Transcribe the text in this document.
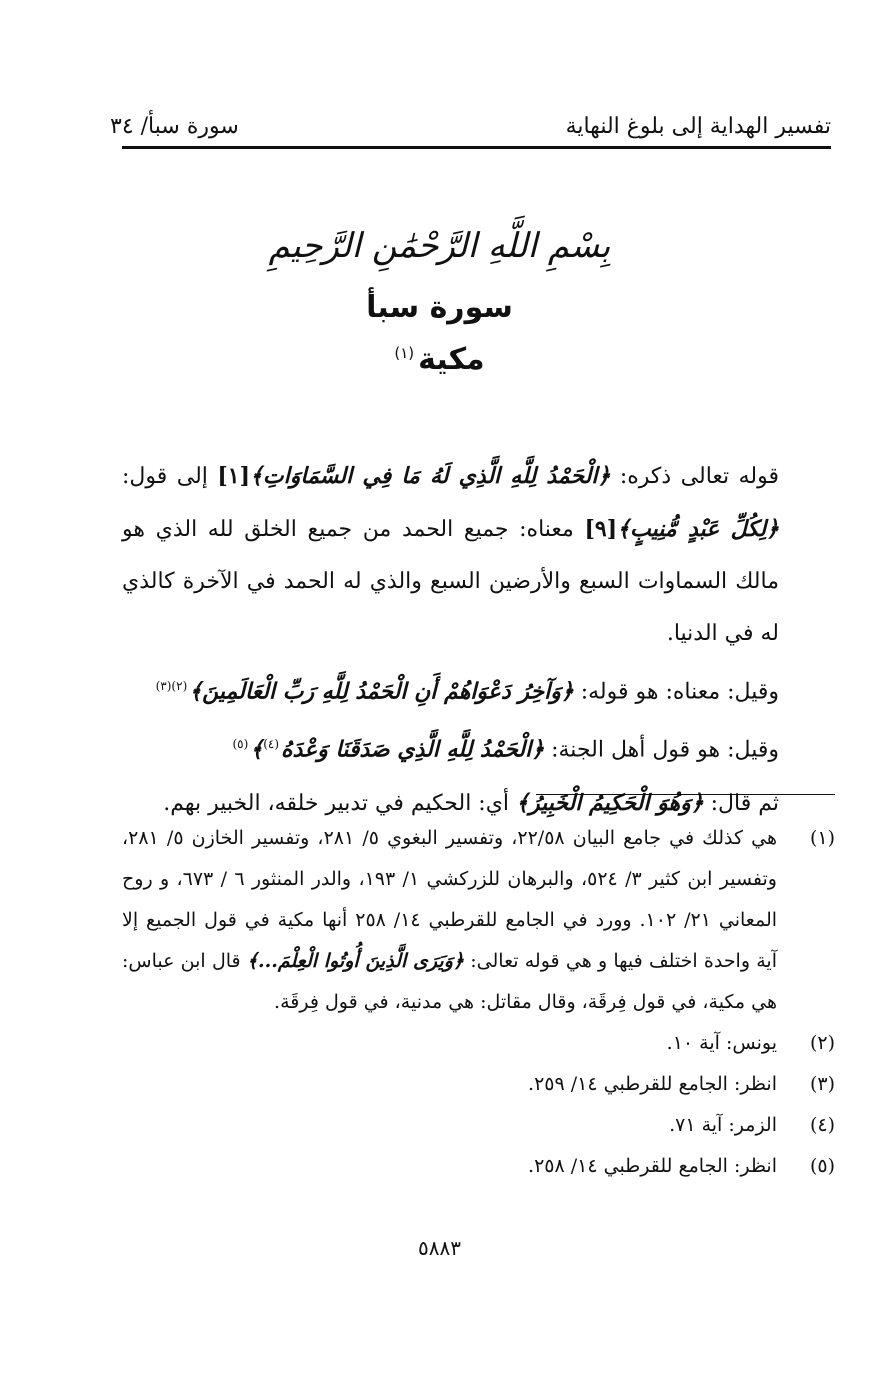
تفسير الهداية إلى بلوغ النهاية
سورة سبأ/ ٣٤
بِسْمِ اللَّهِ الرَّحْمَٰنِ الرَّحِيمِ
سورة سبأ
مكية$^{(١)}$

قوله تعالى ذكره: ﴿الْحَمْدُ لِلَّهِ الَّذِي لَهُ مَا فِي السَّمَاوَاتِ﴾[١] إلى قول: ﴿لِكُلِّ عَبْدٍ مُّنِيبٍ﴾[٩] معناه: جميع الحمد من جميع الخلق لله الذي هو مالك السماوات السبع والأرضين السبع والذي له الحمد في الآخرة كالذي له في الدنيا.

وقيل: معناه: هو قوله: ﴿وَآخِرُ دَعْوَاهُمْ أَنِ الْحَمْدُ لِلَّهِ رَبِّ الْعَالَمِينَ﴾$^{(٢)(٣)}$

وقيل: هو قول أهل الجنة: ﴿الْحَمْدُ لِلَّهِ الَّذِي صَدَقَنَا وَعْدَهُ$^{(٤)}$﴾$^{(٥)}$

ثم قال: ﴿وَهُوَ الْحَكِيمُ الْخَبِيرُ﴾ أي: الحكيم في تدبير خلقه، الخبير بهم.

(١)
هي كذلك في جامع البيان ٢٢/٥٨، وتفسير البغوي ٥/ ٢٨١، وتفسير الخازن ٥/ ٢٨١، وتفسير ابن كثير ٣/ ٥٢٤، والبرهان للزركشي ١/ ١٩٣، والدر المنثور ٦ / ٦٧٣، و روح المعاني ٢١/ ١٠٢. وورد في الجامع للقرطبي ١٤/ ٢٥٨ أنها مكية في قول الجميع إلا آية واحدة اختلف فيها و هي قوله تعالى: ﴿وَيَرَى الَّذِينَ أُوتُوا الْعِلْمَ...﴾ قال ابن عباس: هي مكية، في قول فِرقَة، وقال مقاتل: هي مدنية، في قول فِرقَة.
(٢)
يونس: آية ١٠.
(٣)
انظر: الجامع للقرطبي ١٤/ ٢٥٩.
(٤)
الزمر: آية ٧١.
(٥)
انظر: الجامع للقرطبي ١٤/ ٢٥٨.
٥٨٨٣
